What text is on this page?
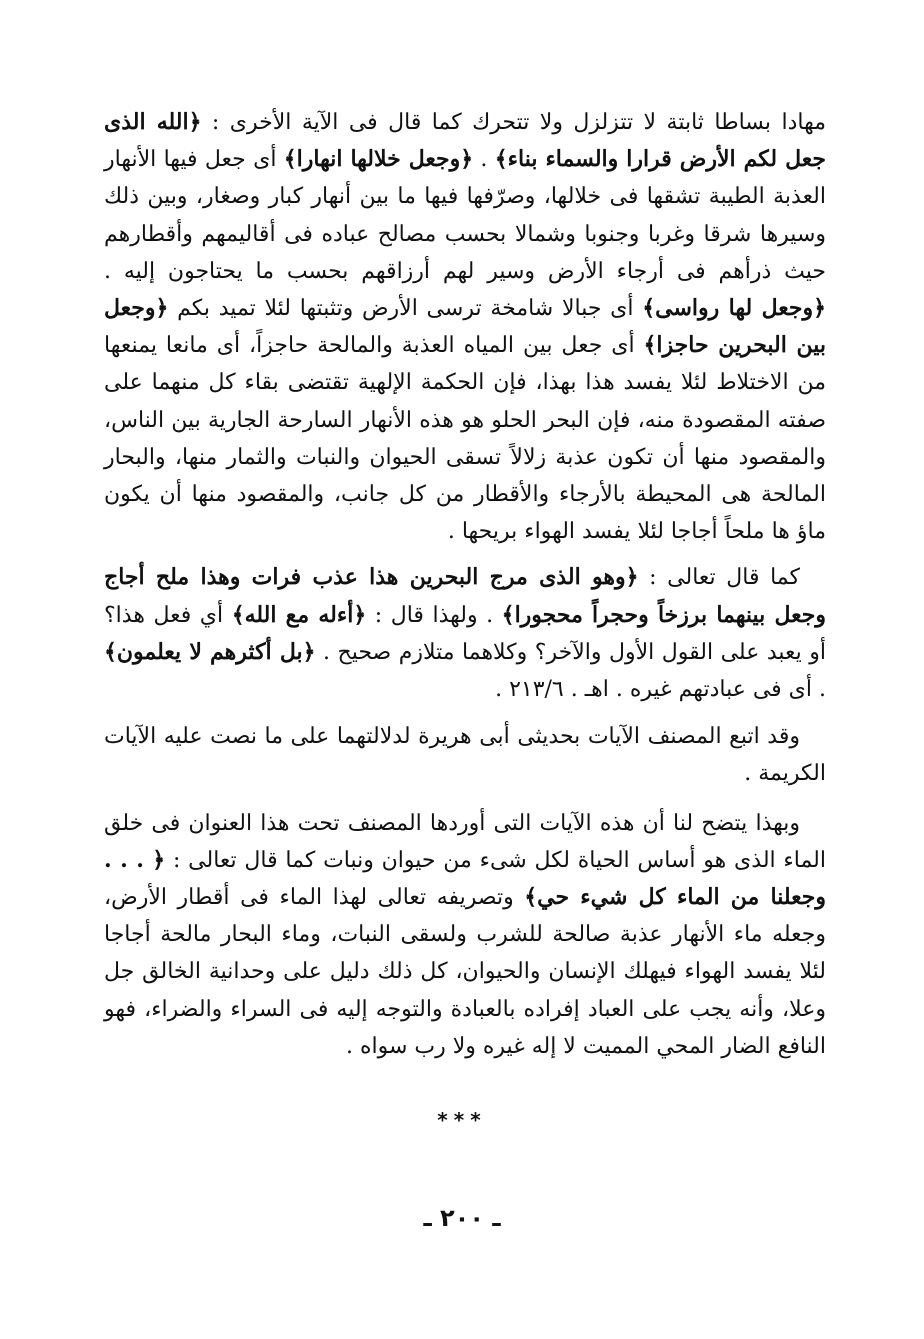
مهادا بساطا ثابتة لا تتزلزل ولا تتحرك كما قال فى الآية الأخرى : ﴿الله الذى جعل لكم الأرض قرارا والسماء بناء﴾ . ﴿وجعل خلالها انهارا﴾ أى جعل فيها الأنهار العذبة الطيبة تشقها فى خلالها، وصرّفها فيها ما بين أنهار كبار وصغار، وبين ذلك وسيرها شرقا وغربا وجنوبا وشمالا بحسب مصالح عباده فى أقاليمهم وأقطارهم حيث ذرأهم فى أرجاء الأرض وسير لهم أرزاقهم بحسب ما يحتاجون إليه . ﴿وجعل لها رواسى﴾ أى جبالا شامخة ترسى الأرض وتثبتها لئلا تميد بكم ﴿وجعل بين البحرين حاجزا﴾ أى جعل بين المياه العذبة والمالحة حاجزاً، أى مانعا يمنعها من الاختلاط لئلا يفسد هذا بهذا، فإن الحكمة الإلهية تقتضى بقاء كل منهما على صفته المقصودة منه، فإن البحر الحلو هو هذه الأنهار السارحة الجارية بين الناس، والمقصود منها أن تكون عذبة زلالاً تسقى الحيوان والنبات والثمار منها، والبحار المالحة هى المحيطة بالأرجاء والأقطار من كل جانب، والمقصود منها أن يكون ماؤ ها ملحاً أجاجا لئلا يفسد الهواء بريحها .

كما قال تعالى : ﴿وهو الذى مرج البحرين هذا عذب فرات وهذا ملح أجاج وجعل بينهما برزخاً وحجراً محجورا﴾ . ولهذا قال : ﴿أءله مع الله﴾ أي فعل هذا؟ أو يعبد على القول الأول والآخر؟ وكلاهما متلازم صحيح . ﴿بل أكثرهم لا يعلمون﴾ . أى فى عبادتهم غيره . اهـ . ٢١٣/٦ .

وقد اتبع المصنف الآيات بحديثى أبى هريرة لدلالتهما على ما نصت عليه الآيات الكريمة .

وبهذا يتضح لنا أن هذه الآيات التى أوردها المصنف تحت هذا العنوان فى خلق الماء الذى هو أساس الحياة لكل شىء من حيوان ونبات كما قال تعالى : ﴿ . . . وجعلنا من الماء كل شيء حي﴾ وتصريفه تعالى لهذا الماء فى أقطار الأرض، وجعله ماء الأنهار عذبة صالحة للشرب ولسقى النبات، وماء البحار مالحة أجاجا لئلا يفسد الهواء فيهلك الإنسان والحيوان، كل ذلك دليل على وحدانية الخالق جل وعلا، وأنه يجب على العباد إفراده بالعبادة والتوجه إليه فى السراء والضراء، فهو النافع الضار المحي المميت لا إله غيره ولا رب سواه .

***
ـ ٢٠٠ ـ
